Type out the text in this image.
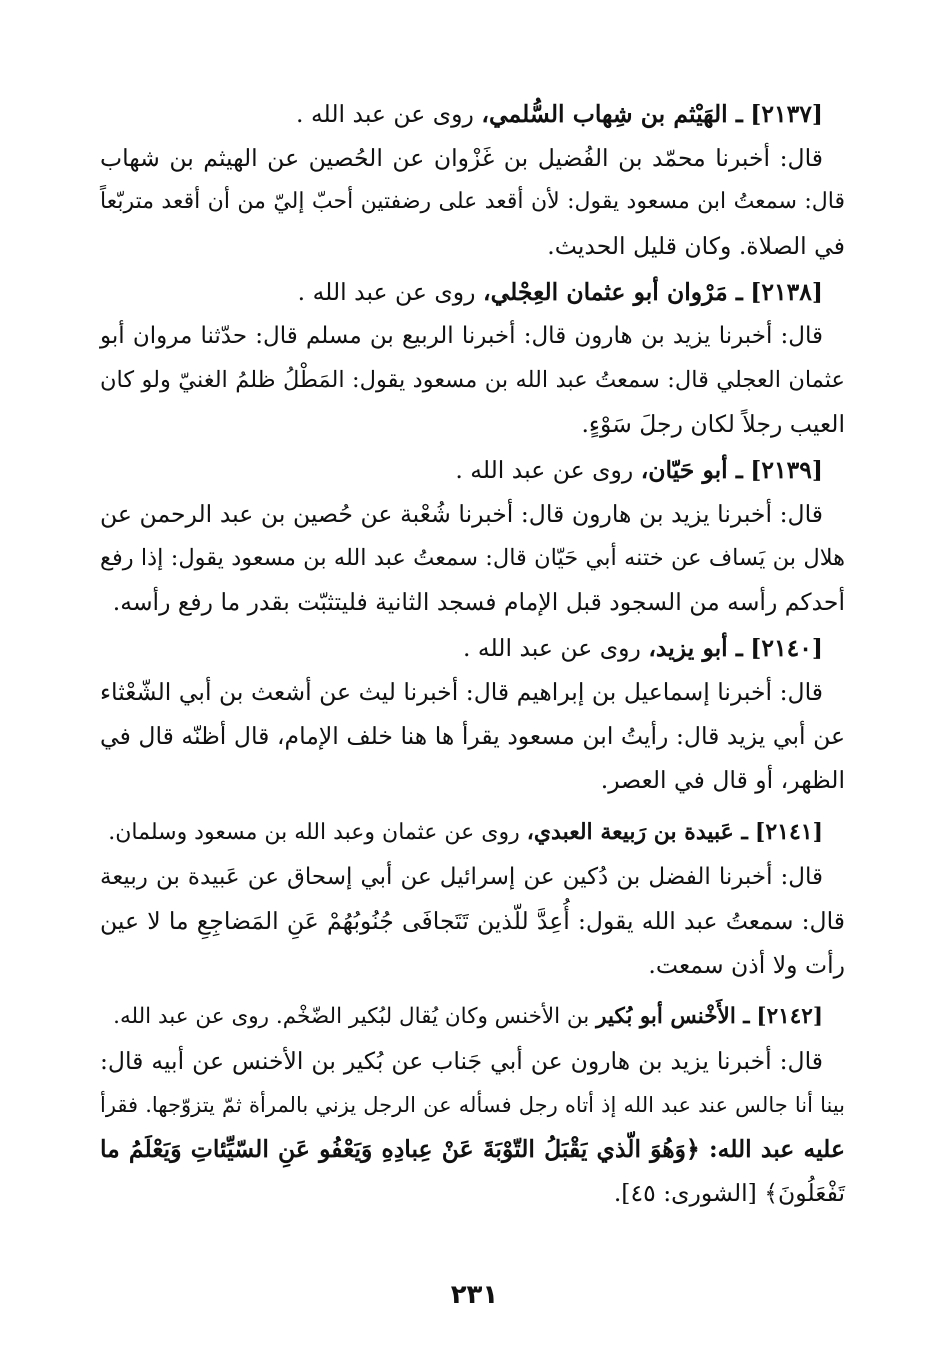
[٢١٣٧] ـ الهَيْثم بن شِهاب السُّلمي، روى عن عبد الله .

قال: أخبرنا محمّد بن الفُضيل بن غَزْوان عن الحُصين عن الهيثم بن شهاب
قال: سمعتُ ابن مسعود يقول: لأن أقعد على رضفتين أحبّ إليّ من أن أقعد متربّعاً
في الصلاة. وكان قليل الحديث.

[٢١٣٨] ـ مَرْوان أبو عثمان العِجْلي، روى عن عبد الله .

قال: أخبرنا يزيد بن هارون قال: أخبرنا الربيع بن مسلم قال: حدّثنا مروان أبو
عثمان العجلي قال: سمعتُ عبد الله بن مسعود يقول: المَطْلُ ظلمُ الغنيّ ولو كان
العيب رجلاً لكان رجلَ سَوْءٍ.

[٢١٣٩] ـ أبو حَيّان، روى عن عبد الله .

قال: أخبرنا يزيد بن هارون قال: أخبرنا شُعْبة عن حُصين بن عبد الرحمن عن
هلال بن يَساف عن ختنه أبي حَيّان قال: سمعتُ عبد الله بن مسعود يقول: إذا رفع
أحدكم رأسه من السجود قبل الإمام فسجد الثانية فليتثبّت بقدر ما رفع رأسه.

[٢١٤٠] ـ أبو يزيد، روى عن عبد الله .

قال: أخبرنا إسماعيل بن إبراهيم قال: أخبرنا ليث عن أشعث بن أبي الشّعْثاء
عن أبي يزيد قال: رأيتُ ابن مسعود يقرأ ها هنا خلف الإمام، قال أظنّه قال في
الظهر، أو قال في العصر.

[٢١٤١] ـ عَبيدة بن رَبيعة العبدي، روى عن عثمان وعبد الله بن مسعود وسلمان.

قال: أخبرنا الفضل بن دُكين عن إسرائيل عن أبي إسحاق عن عَبيدة بن ربيعة
قال: سمعتُ عبد الله يقول: أُعِدَّ للّذين تَتَجافَى جُنُوبُهُمْ عَنِ المَضاجِعِ ما لا عين
رأت ولا أذن سمعت.

[٢١٤٢] ـ الأَخْنس أبو بُكير بن الأخنس وكان يُقال لبُكير الضّخْم. روى عن عبد الله.

قال: أخبرنا يزيد بن هارون عن أبي جَناب عن بُكير بن الأخنس عن أبيه قال:
بينا أنا جالس عند عبد الله إذ أتاه رجل فسأله عن الرجل يزني بالمرأة ثمّ يتزوّجها. فقرأ
عليه عبد الله: ﴿وَهُوَ الّذي يَقْبَلُ التّوْبَةَ عَنْ عِبادِهِ وَيَعْفُو عَنِ السّيِّئاتِ وَيَعْلَمُ ما
تَفْعَلُونَ﴾ [الشورى: ٤٥].

٢٣١
